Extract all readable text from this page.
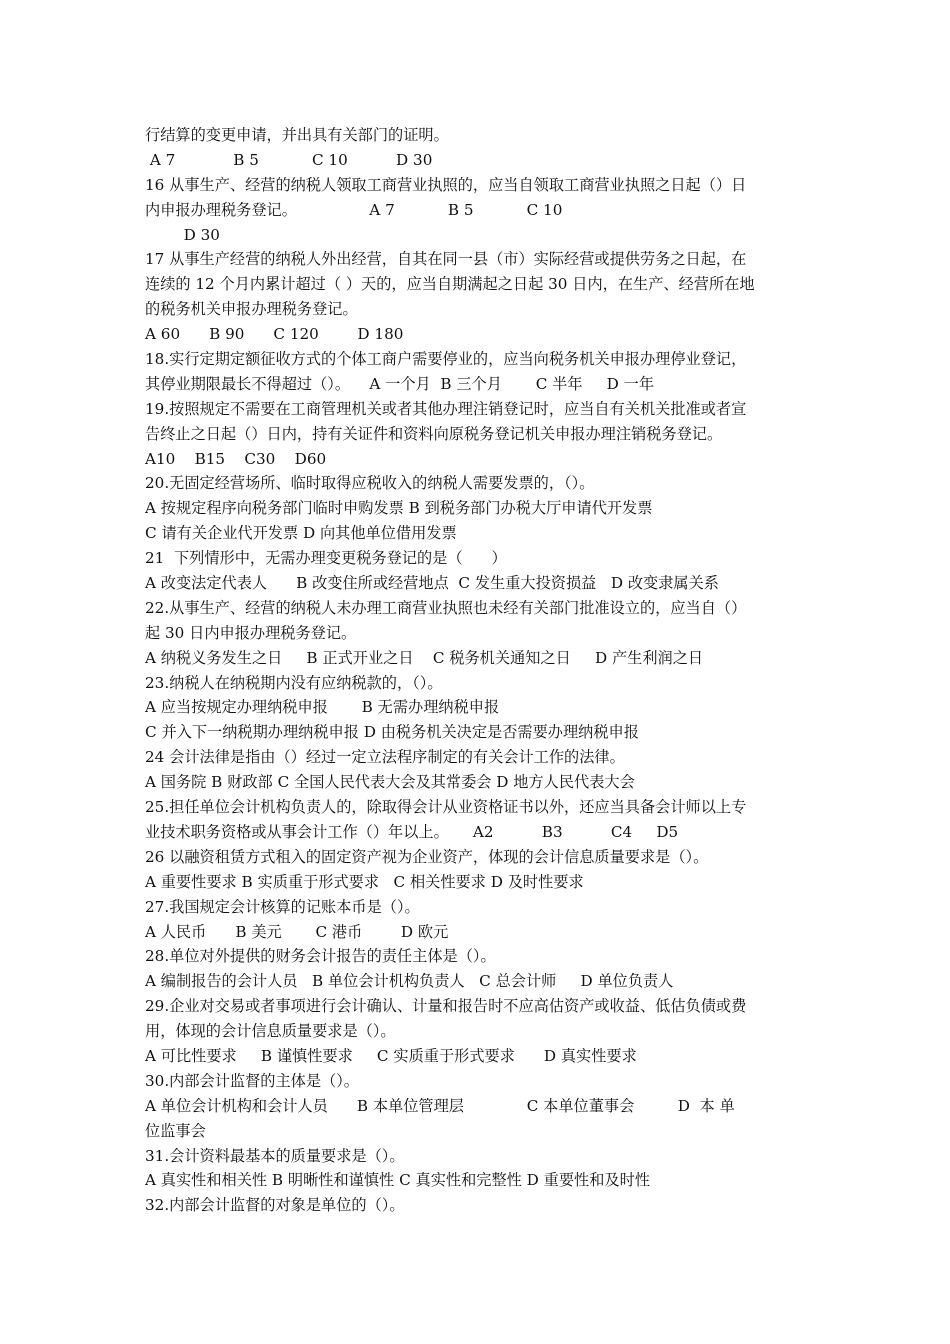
行结算的变更申请，并出具有关部门的证明。
A 7            B 5           C 10          D 30
16 从事生产、经营的纳税人领取工商营业执照的，应当自领取工商营业执照之日起（）日
内申报办理税务登记。               A 7           B 5           C 10
D 30
17 从事生产经营的纳税人外出经营，自其在同一县（市）实际经营或提供劳务之日起，在
连续的 12 个月内累计超过（ ）天的，应当自期满起之日起 30 日内，在生产、经营所在地
的税务机关申报办理税务登记。
A 60      B 90      C 120        D 180
18.实行定期定额征收方式的个体工商户需要停业的，应当向税务机关申报办理停业登记，
其停业期限最长不得超过（）。    A 一个月  B 三个月       C 半年     D 一年
19.按照规定不需要在工商管理机关或者其他办理注销登记时，应当自有关机关批准或者宣
告终止之日起（）日内，持有关证件和资料向原税务登记机关申报办理注销税务登记。
A10    B15    C30    D60
20.无固定经营场所、临时取得应税收入的纳税人需要发票的，（）。
A 按规定程序向税务部门临时申购发票 B 到税务部门办税大厅申请代开发票
C 请有关企业代开发票 D 向其他单位借用发票
21  下列情形中，无需办理变更税务登记的是（      ）
A 改变法定代表人      B 改变住所或经营地点  C 发生重大投资损益   D 改变隶属关系
22.从事生产、经营的纳税人未办理工商营业执照也未经有关部门批准设立的，应当自（）
起 30 日内申报办理税务登记。
A 纳税义务发生之日     B 正式开业之日    C 税务机关通知之日     D 产生利润之日
23.纳税人在纳税期内没有应纳税款的，（）。
A 应当按规定办理纳税申报       B 无需办理纳税申报
C 并入下一纳税期办理纳税申报 D 由税务机关决定是否需要办理纳税申报
24 会计法律是指由（）经过一定立法程序制定的有关会计工作的法律。
A 国务院 B 财政部 C 全国人民代表大会及其常委会 D 地方人民代表大会
25.担任单位会计机构负责人的，除取得会计从业资格证书以外，还应当具备会计师以上专
业技术职务资格或从事会计工作（）年以上。     A2          B3          C4     D5
26 以融资租赁方式租入的固定资产视为企业资产，体现的会计信息质量要求是（）。
A 重要性要求 B 实质重于形式要求   C 相关性要求 D 及时性要求
27.我国规定会计核算的记账本币是（）。
A 人民币      B 美元       C 港币        D 欧元
28.单位对外提供的财务会计报告的责任主体是（）。
A 编制报告的会计人员   B 单位会计机构负责人   C 总会计师     D 单位负责人
29.企业对交易或者事项进行会计确认、计量和报告时不应高估资产或收益、低估负债或费
用，体现的会计信息质量要求是（）。
A 可比性要求     B 谨慎性要求     C 实质重于形式要求      D 真实性要求
30.内部会计监督的主体是（）。
A 单位会计机构和会计人员      B 本单位管理层             C 本单位董事会         D  本 单
位监事会
31.会计资料最基本的质量要求是（）。
A 真实性和相关性 B 明晰性和谨慎性 C 真实性和完整性 D 重要性和及时性
32.内部会计监督的对象是单位的（）。
